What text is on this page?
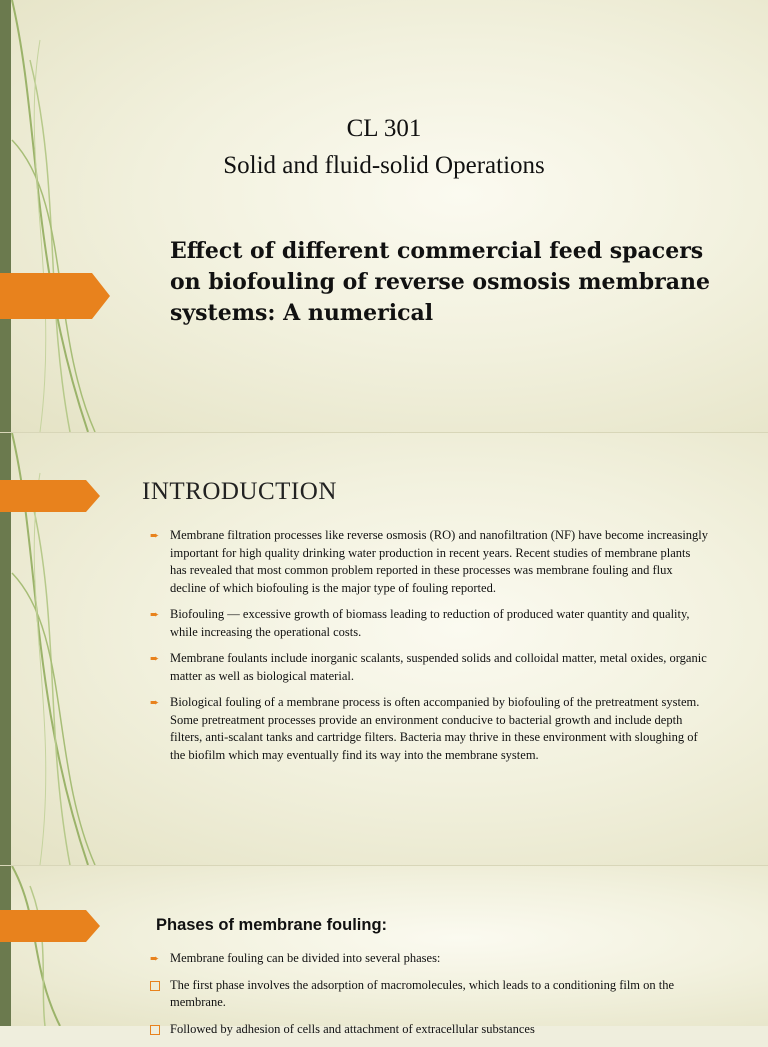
CL 301
Solid and fluid-solid Operations
Effect of different commercial feed spacers on biofouling of reverse osmosis membrane systems: A numerical
INTRODUCTION
➨ Membrane filtration processes like reverse osmosis (RO) and nanofiltration (NF) have become increasingly important for high quality drinking water production in recent years. Recent studies of membrane plants has revealed that most common problem reported in these processes was membrane fouling and flux decline of which biofouling is the major type of fouling reported.
➨ Biofouling — excessive growth of biomass leading to reduction of produced water quantity and quality, while increasing the operational costs.
➨ Membrane foulants include inorganic scalants, suspended solids and colloidal matter, metal oxides, organic matter as well as biological material.
➨ Biological fouling of a membrane process is often accompanied by biofouling of the pretreatment system. Some pretreatment processes provide an environment conducive to bacterial growth and include depth filters, anti-scalant tanks and cartridge filters. Bacteria may thrive in these environment with sloughing of the biofilm which may eventually find its way into the membrane system.
Phases of membrane fouling:
➨ Membrane fouling can be divided into several phases:
The first phase involves the adsorption of macromolecules, which leads to a conditioning film on the membrane.
Followed by adhesion of cells and attachment of extracellular substances
